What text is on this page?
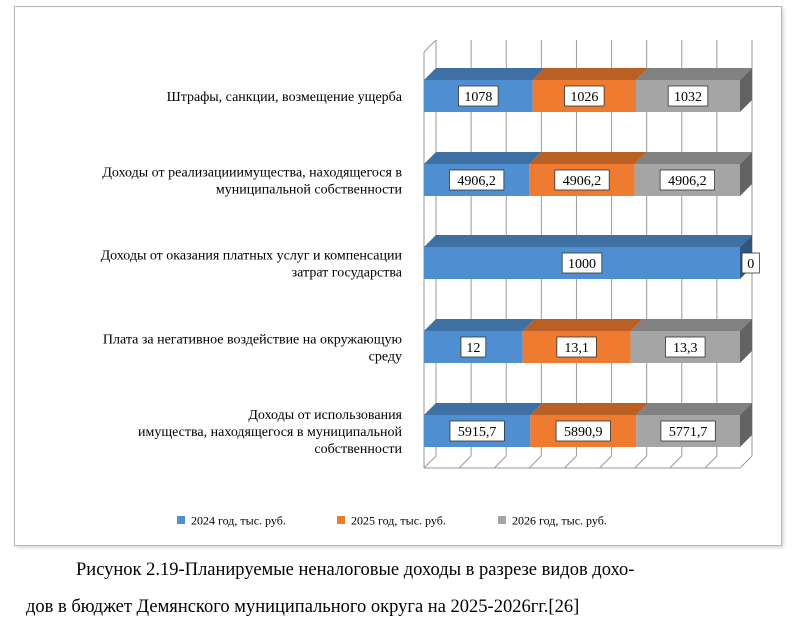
5915,7	5890,9	5771,7
Доходы от использования
имущества, находящегося в муниципальной
собственности
12	13,1	13,3
Плата за негативное воздействие на окружающую
среду
1000	0
Доходы от оказания платных услуг и компенсации
затрат государства
4906,2	4906,2	4906,2
Доходы от реализацииимущества, находящегося в
муниципальной собственности
1078	1026	1032
Штрафы, санкции, возмещение ущерба
2024 год, тыс. руб.	2025 год, тыс. руб.	2026 год, тыс. руб.
Рисунок 2.19-Планируемые неналоговые доходы в разрезе видов дохо-
дов в бюджет Демянского муниципального округа на 2025-2026гг.[26]
